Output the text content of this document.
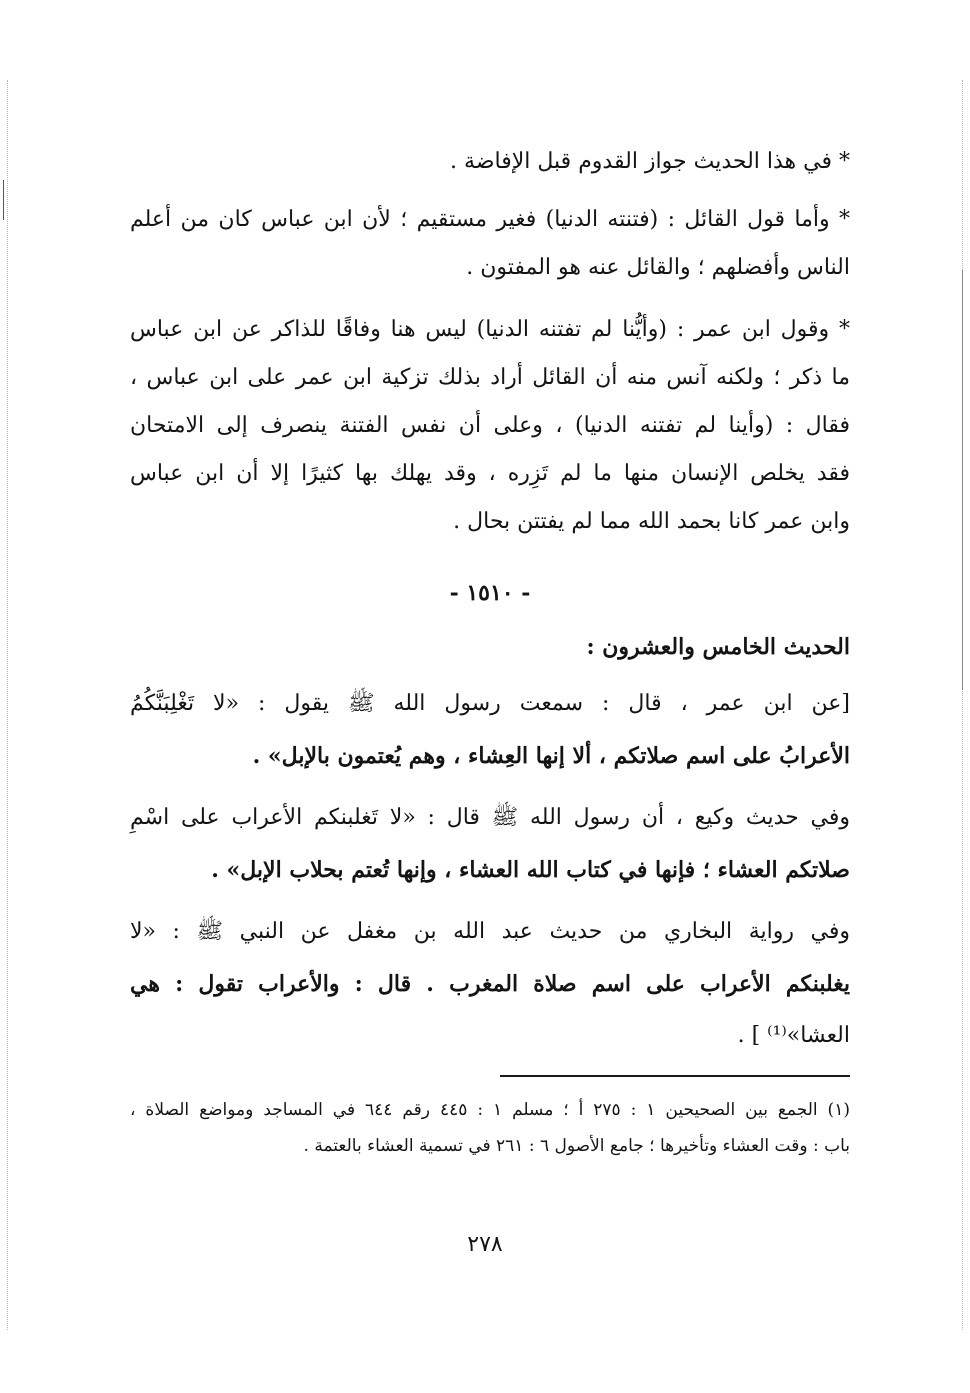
* في هذا الحديث جواز القدوم قبل الإفاضة .
* وأما قول القائل : (فتنته الدنيا) فغير مستقيم ؛ لأن ابن عباس كان من أعلم
الناس وأفضلهم ؛ والقائل عنه هو المفتون .
* وقول ابن عمر : (وأيُّنا لم تفتنه الدنيا) ليس هنا وفاقًا للذاكر عن ابن عباس
ما ذكر ؛ ولكنه آنس منه أن القائل أراد بذلك تزكية ابن عمر على ابن عباس ،
فقال : (وأينا لم تفتنه الدنيا) ، وعلى أن نفس الفتنة ينصرف إلى الامتحان
فقد يخلص الإنسان منها ما لم تَزِره ، وقد يهلك بها كثيرًا إلا أن ابن عباس
وابن عمر كانا بحمد الله مما لم يفتتن بحال .
- ١٥١٠ -
الحديث الخامس والعشرون :
[عن ابن عمر ، قال : سمعت رسول الله ﷺ يقول : «لا تَغْلِبَنَّكُمُ
الأعرابُ على اسم صلاتكم ، ألا إنها العِشاء ، وهم يُعتمون بالإبل» .
وفي حديث وكيع ، أن رسول الله ﷺ قال : «لا تَغلبنكم الأعراب على اسْمِ
صلاتكم العشاء ؛ فإنها في كتاب الله العشاء ، وإنها تُعتم بحلاب الإبل» .
وفي رواية البخاري من حديث عبد الله بن مغفل عن النبي ﷺ : «لا
يغلبنكم الأعراب على اسم صلاة المغرب . قال : والأعراب تقول : هي
العشا»⁽¹⁾ ] .
(١) الجمع بين الصحيحين ١ : ٢٧٥ أ ؛ مسلم ١ : ٤٤٥ رقم ٦٤٤ في المساجد ومواضع الصلاة ،
باب : وقت العشاء وتأخيرها ؛ جامع الأصول ٦ : ٢٦١ في تسمية العشاء بالعتمة .
٢٧٨
